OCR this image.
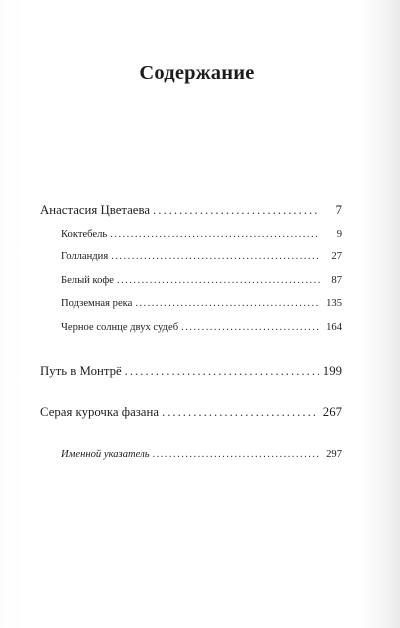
Содержание
Анастасия Цветаева . . .	7
Коктебель . . .	9
Голландия . . .	27
Белый кофе . . .	87
Подземная река . . .	135
Черное солнце двух судеб . . .	164
Путь в Монтрё . . .	199
Серая курочка фазана . . .	267
Именной указатель . . .	297
